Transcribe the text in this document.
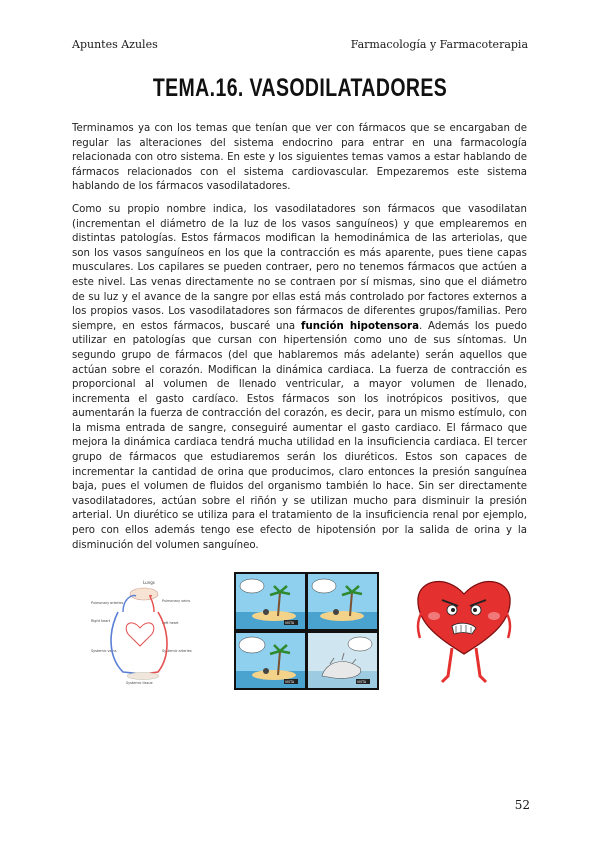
Apuntes Azules	Farmacología y Farmacoterapia
TEMA.16. VASODILATADORES

Terminamos ya con los temas que tenían que ver con fármacos que se encargaban de regular las alteraciones del sistema endocrino para entrar en una farmacología relacionada con otro sistema. En este y los siguientes temas vamos a estar hablando de fármacos relacionados con el sistema cardiovascular. Empezaremos este sistema hablando de los fármacos vasodilatadores.

Como su propio nombre indica, los vasodilatadores son fármacos que vasodilatan (incrementan el diámetro de la luz de los vasos sanguíneos) y que emplearemos en distintas patologías. Estos fármacos modifican la hemodinámica de las arteriolas, que son los vasos sanguíneos en los que la contracción es más aparente, pues tiene capas musculares. Los capilares se pueden contraer, pero no tenemos fármacos que actúen a este nivel. Las venas directamente no se contraen por sí mismas, sino que el diámetro de su luz y el avance de la sangre por ellas está más controlado por factores externos a los propios vasos. Los vasodilatadores son fármacos de diferentes grupos/familias. Pero siempre, en estos fármacos, buscaré una función hipotensora. Además los puedo utilizar en patologías que cursan con hipertensión como uno de sus síntomas. Un segundo grupo de fármacos (del que hablaremos más adelante) serán aquellos que actúan sobre el corazón. Modifican la dinámica cardiaca. La fuerza de contracción es proporcional al volumen de llenado ventricular, a mayor volumen de llenado, incrementa el gasto cardíaco. Estos fármacos son los inotrópicos positivos, que aumentarán la fuerza de contracción del corazón, es decir, para un mismo estímulo, con la misma entrada de sangre, conseguiré aumentar el gasto cardiaco. El fármaco que mejora la dinámica cardiaca tendrá mucha utilidad en la insuficiencia cardiaca. El tercer grupo de fármacos que estudiaremos serán los diuréticos. Estos son capaces de incrementar la cantidad de orina que producimos, claro entonces la presión sanguínea baja, pues el volumen de fluidos del organismo también lo hace. Sin ser directamente vasodilatadores, actúan sobre el riñón y se utilizan mucho para disminuir la presión arterial. Un diurético se utiliza para el tratamiento de la insuficiencia renal por ejemplo, pero con ellos además tengo ese efecto de hipotensión por la salida de orina y la disminución del volumen sanguíneo.

Lungs
Pulmonary arteries	Pulmonary veins
Right heart	Left heart
Systemic veins	Systemic arteries
Systemic tissue
VISTA
VISTA	VISTA
52
